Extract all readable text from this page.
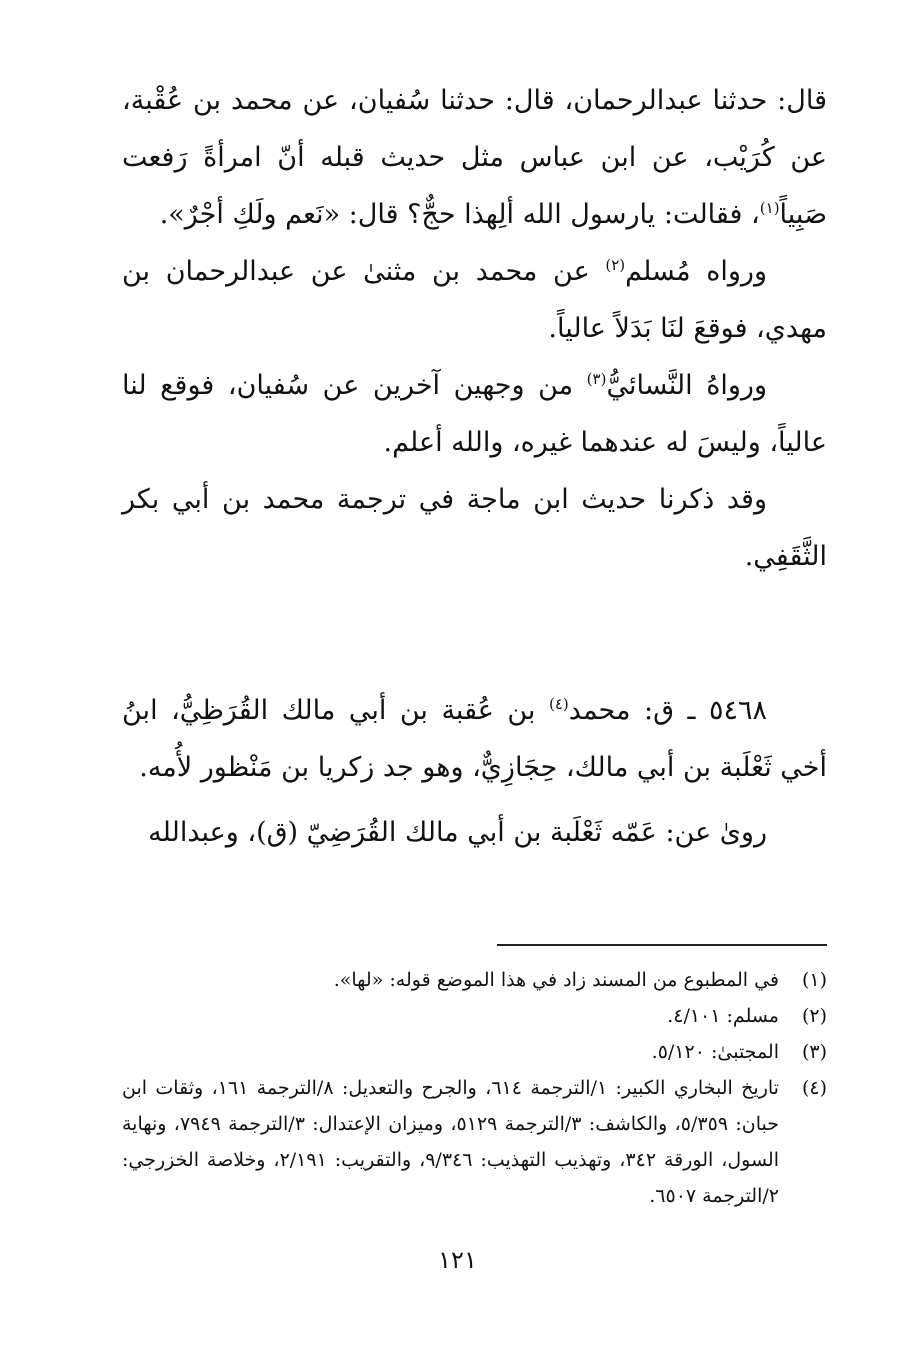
قال: حدثنا عبدالرحمان، قال: حدثنا سُفيان، عن محمد بن عُقْبة، عن كُرَيْب، عن ابن عباس مثل حديث قبله أنّ امرأةً رَفعت صَبِياً$^{(١)}$، فقالت: يارسول الله ألِهذا حجٌّ؟ قال: «نَعم ولَكِ أجْرٌ».

ورواه مُسلم$^{(٢)}$ عن محمد بن مثنىٰ عن عبدالرحمان بن مهدي، فوقعَ لنَا بَدَلاً عالياً.

ورواهُ النَّسائيُّ$^{(٣)}$ من وجهين آخرين عن سُفيان، فوقع لنا عالياً، وليسَ له عندهما غيره، والله أعلم.

وقد ذكرنا حديث ابن ماجة في ترجمة محمد بن أبي بكر الثَّقَفِي.

٥٤٦٨ ـ ق: محمد$^{(٤)}$ بن عُقبة بن أبي مالك القُرَظِيُّ، ابنُ أخي ثَعْلَبة بن أبي مالك، حِجَازِيٌّ، وهو جد زكريا بن مَنْظور لأُمه.

روىٰ عن: عَمّه ثَعْلَبة بن أبي مالك القُرَضِيّ (ق)، وعبدالله

(١)
في المطبوع من المسند زاد في هذا الموضع قوله: «لها».
(٢)
مسلم: ٤/١٠١.
(٣)
المجتبىٰ: ٥/١٢٠.
(٤)
تاريخ البخاري الكبير: ١/الترجمة ٦١٤، والجرح والتعديل: ٨/الترجمة ١٦١، وثقات ابن حبان: ٥/٣٥٩، والكاشف: ٣/الترجمة ٥١٢٩، وميزان الإعتدال: ٣/الترجمة ٧٩٤٩، ونهاية السول، الورقة ٣٤٢، وتهذيب التهذيب: ٩/٣٤٦، والتقريب: ٢/١٩١، وخلاصة الخزرجي: ٢/الترجمة ٦٥٠٧.
١٢١
